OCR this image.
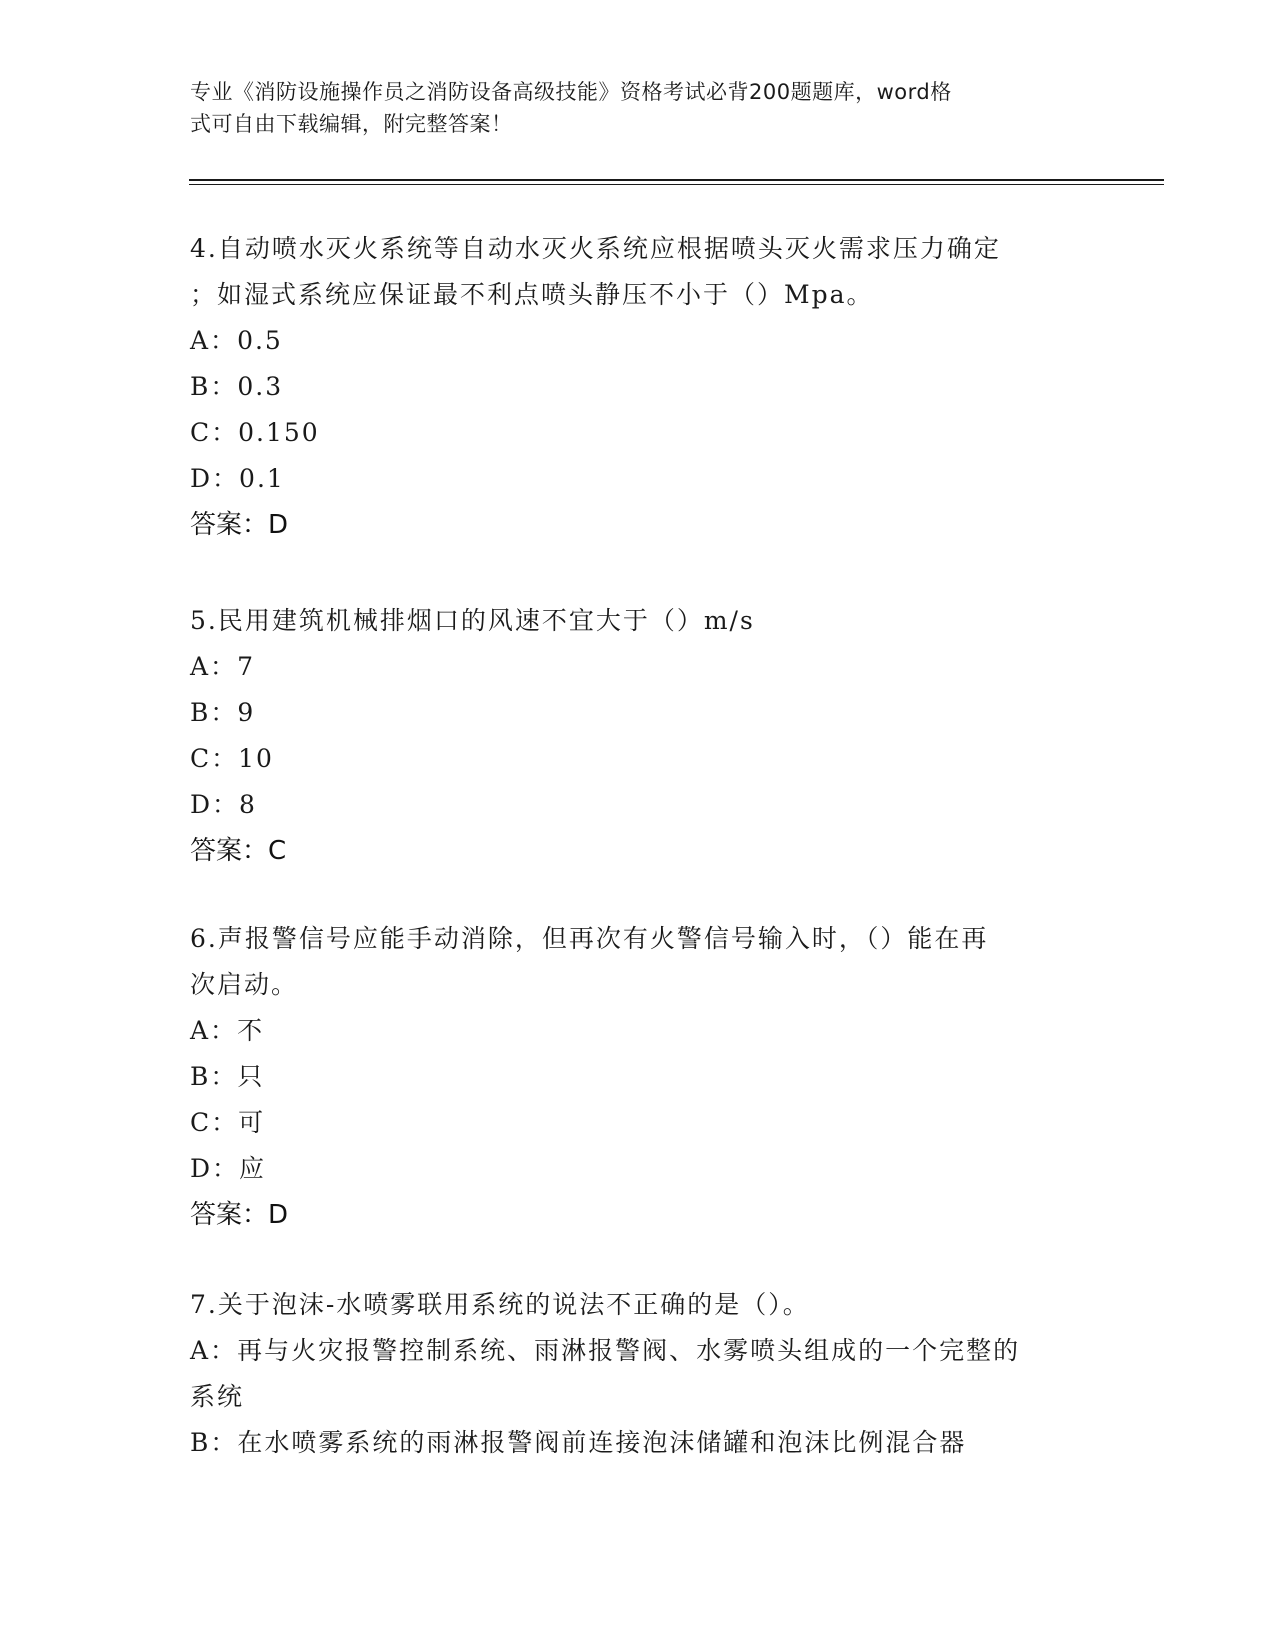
专业《消防设施操作员之消防设备高级技能》资格考试必背200题题库，word格
式可自由下载编辑，附完整答案！
4.自动喷水灭火系统等自动水灭火系统应根据喷头灭火需求压力确定
；如湿式系统应保证最不利点喷头静压不小于（）Mpa。
A：0.5
B：0.3
C：0.150
D：0.1
答案：D
5.民用建筑机械排烟口的风速不宜大于（）m/s
A：7
B：9
C：10
D：8
答案：C
6.声报警信号应能手动消除，但再次有火警信号输入时，（）能在再
次启动。
A：不
B：只
C：可
D：应
答案：D
7.关于泡沫-水喷雾联用系统的说法不正确的是（）。
A：再与火灾报警控制系统、雨淋报警阀、水雾喷头组成的一个完整的
系统
B：在水喷雾系统的雨淋报警阀前连接泡沫储罐和泡沫比例混合器
